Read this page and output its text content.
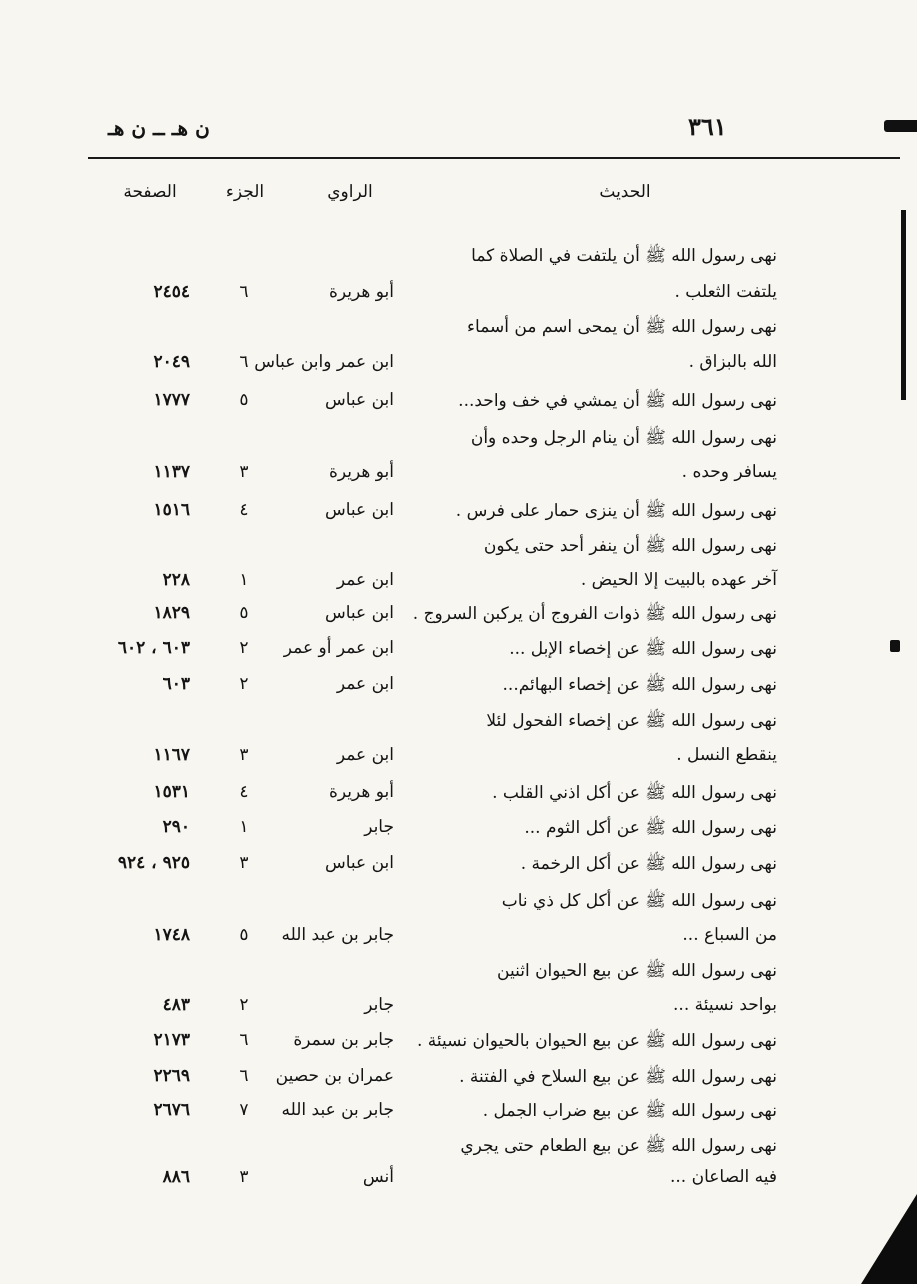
٣٦١
ن هـ ــ ن هـ
الحديث
الراوي
الجزء
الصفحة
نهى رسول الله ﷺ أن يلتفت في الصلاة كما
يلتفت الثعلب .
أبو هريرة
٦
٢٤٥٤
نهى رسول الله ﷺ أن يمحى اسم من أسماء
الله بالبزاق .
ابن عمر وابن عباس
٦
٢٠٤٩
نهى رسول الله ﷺ أن يمشي في خف واحد...
ابن عباس
٥
١٧٧٧
نهى رسول الله ﷺ أن ينام الرجل وحده وأن
يسافر وحده .
أبو هريرة
٣
١١٣٧
نهى رسول الله ﷺ أن ينزى حمار على فرس .
ابن عباس
٤
١٥١٦
نهى رسول الله ﷺ أن ينفر أحد حتى يكون
آخر عهده بالبيت إلا الحيض .
ابن عمر
١
٢٢٨
نهى رسول الله ﷺ ذوات الفروج أن يركبن السروج .
ابن عباس
٥
١٨٢٩
نهى رسول الله ﷺ عن إخصاء الإبل ...
ابن عمر أو عمر
٢
٦٠٣ ، ٦٠٢
نهى رسول الله ﷺ عن إخصاء البهائم...
ابن عمر
٢
٦٠٣
نهى رسول الله ﷺ عن إخصاء الفحول لئلا
ينقطع النسل .
ابن عمر
٣
١١٦٧
نهى رسول الله ﷺ عن أكل اذني القلب .
أبو هريرة
٤
١٥٣١
نهى رسول الله ﷺ عن أكل الثوم ...
جابر
١
٢٩٠
نهى رسول الله ﷺ عن أكل الرخمة .
ابن عباس
٣
٩٢٥ ، ٩٢٤
نهى رسول الله ﷺ عن أكل كل ذي ناب
من السباع ...
جابر بن عبد الله
٥
١٧٤٨
نهى رسول الله ﷺ عن بيع الحيوان اثنين
بواحد نسيئة ...
جابر
٢
٤٨٣
نهى رسول الله ﷺ عن بيع الحيوان بالحيوان نسيئة .
جابر بن سمرة
٦
٢١٧٣
نهى رسول الله ﷺ عن بيع السلاح في الفتنة .
عمران بن حصين
٦
٢٢٦٩
نهى رسول الله ﷺ عن بيع ضراب الجمل .
جابر بن عبد الله
٧
٢٦٧٦
نهى رسول الله ﷺ عن بيع الطعام حتى يجري
فيه الصاعان ...
أنس
٣
٨٨٦
